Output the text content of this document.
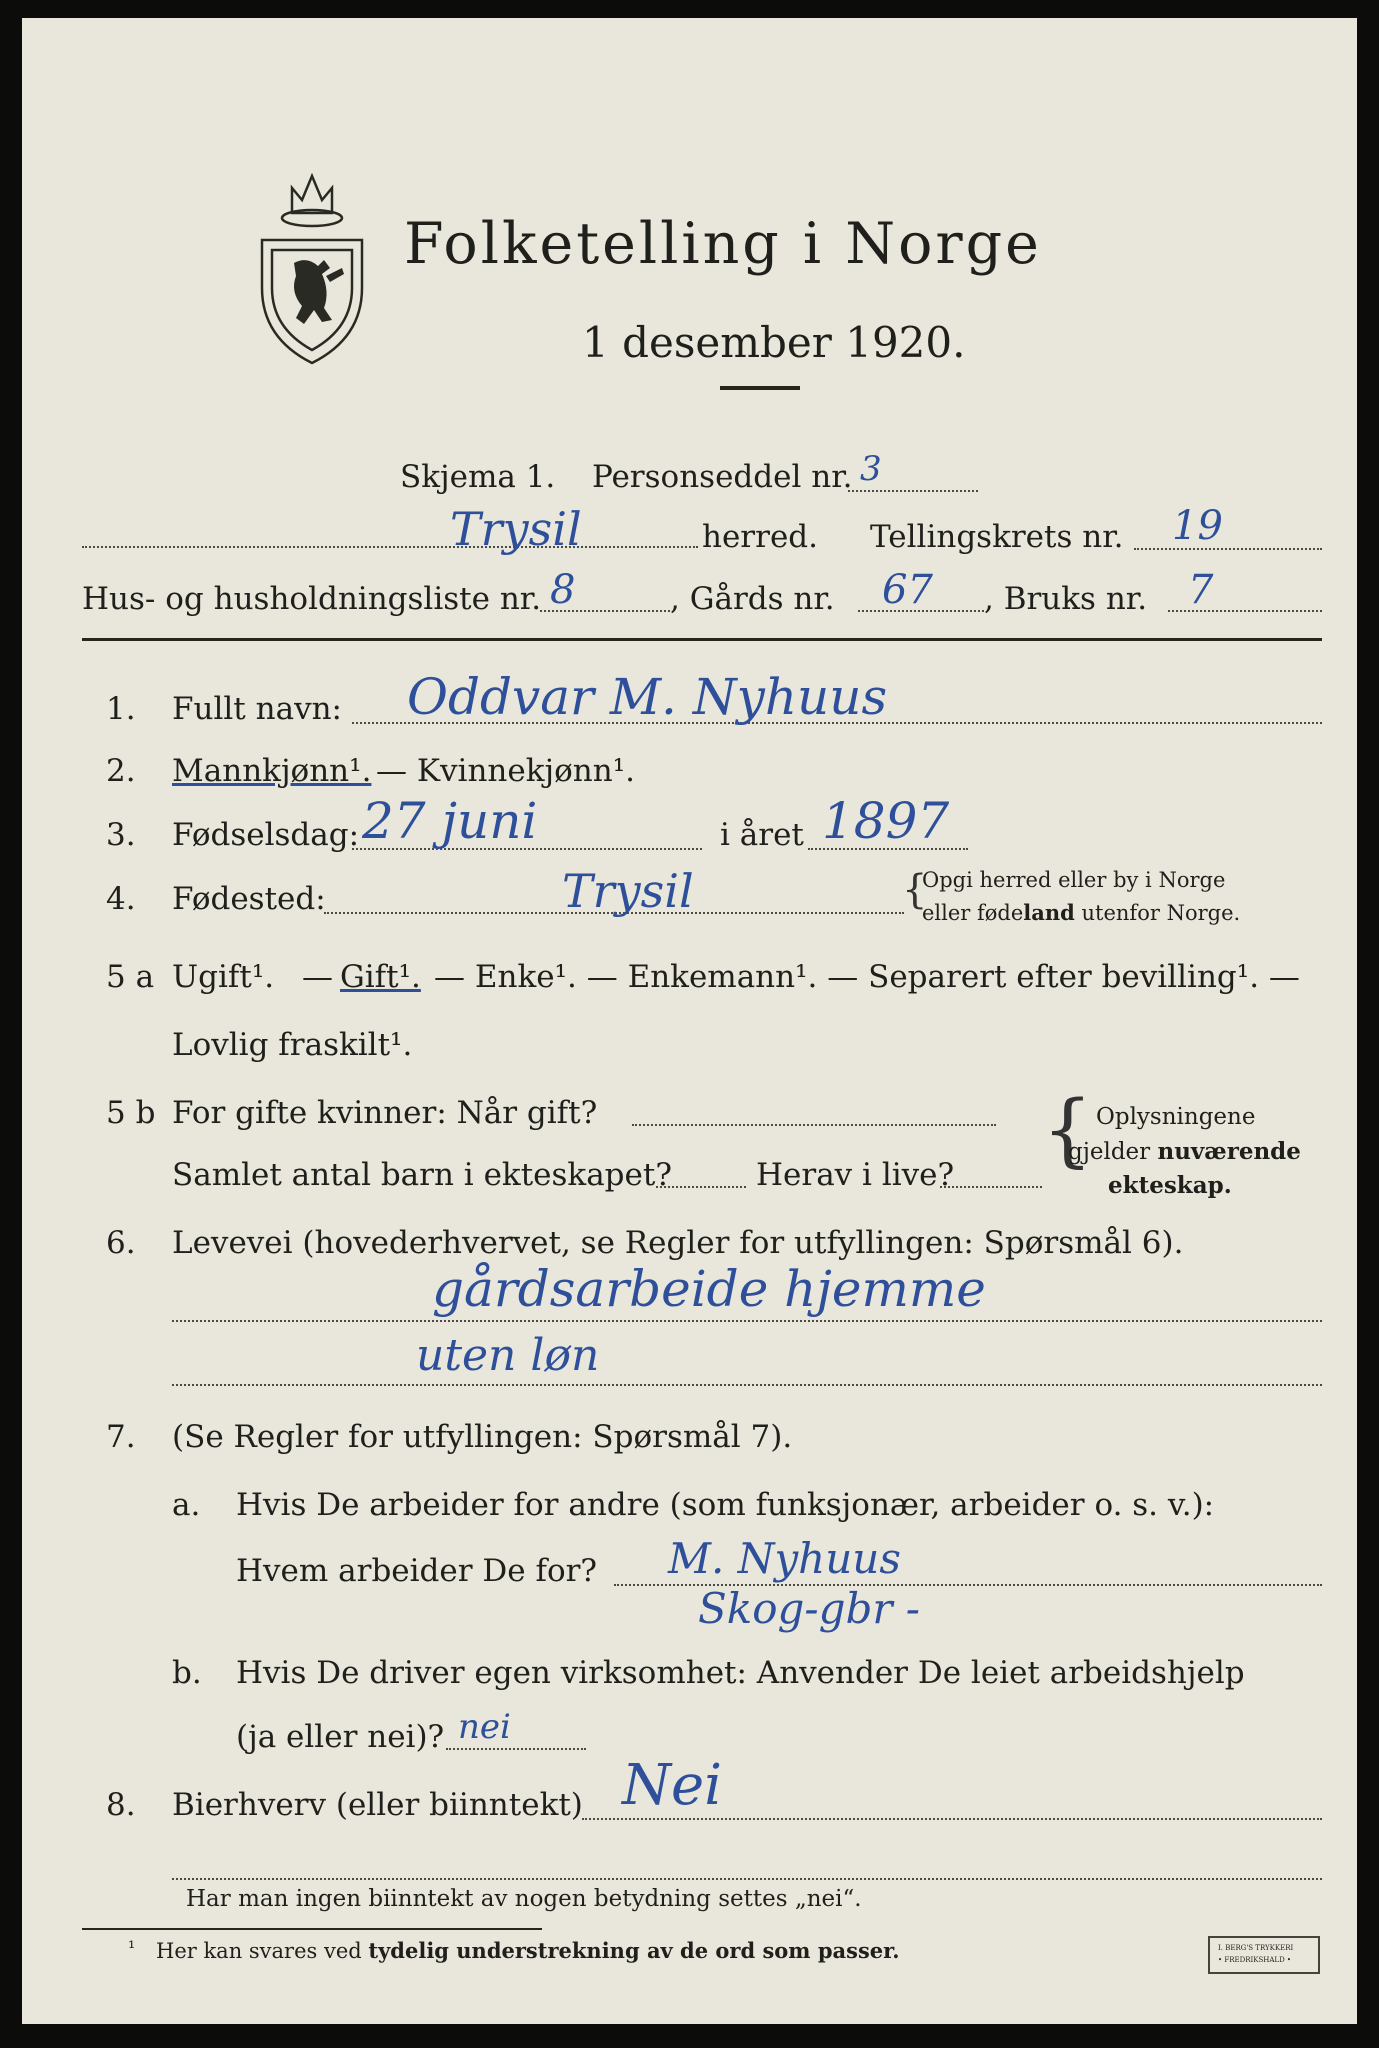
Folketelling i Norge
1 desember 1920.
Skjema 1. Personseddel nr. 3
Trysil	herred. Tellingskrets nr. 19
Hus- og husholdningsliste nr. 8	, Gårds nr. 67 , Bruks nr. 7
1. Fullt navn: Oddvar M. Nyhuus
2. Mannkjønn¹. — Kvinnekjønn¹.
3. Fødselsdag: 27 juni	i året 1897
4. Fødested:	Trysil	{
Opgi herred eller by i Norge
eller fødeland utenfor Norge.
5 a Ugift¹. — Gift¹. — Enke¹. — Enkemann¹. — Separert efter bevilling¹. —
Lovlig fraskilt¹.
5 b For gifte kvinner: Når gift?
Samlet antal barn i ekteskapet?	Herav i live? { Oplysningene
gjelder nuværende
ekteskap.
6. Levevei (hovederhvervet, se Regler for utfyllingen: Spørsmål 6).
gårdsarbeide hjemme
uten løn
7. (Se Regler for utfyllingen: Spørsmål 7).
a. Hvis De arbeider for andre (som funksjonær, arbeider o. s. v.):
Hvem arbeider De for? M. Nyhuus
Skog-gbr -
b. Hvis De driver egen virksomhet: Anvender De leiet arbeidshjelp
(ja eller nei)? nei
8. Bierhverv (eller biinntekt) Nei
Har man ingen biinntekt av nogen betydning settes „nei“.
¹ Her kan svares ved tydelig understrekning av de ord som passer.	I. BERG'S TRYKKERI
• FREDRIKSHALD •
